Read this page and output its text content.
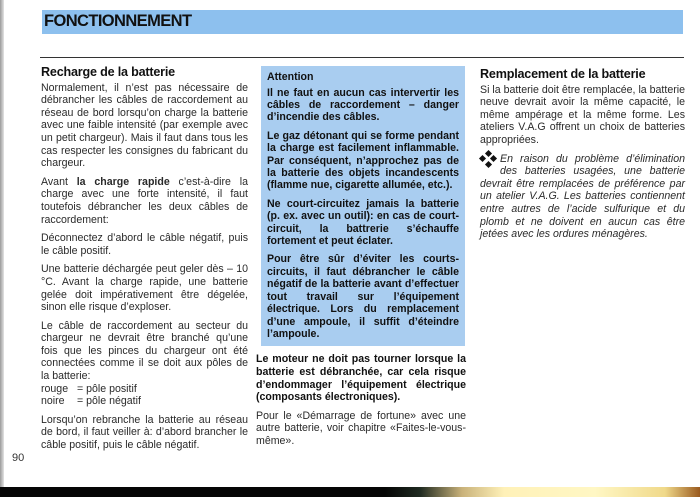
FONCTIONNEMENT
Recharge de la batterie

Normalement, il n’est pas nécessaire de débrancher les câbles de raccordement au réseau de bord lorsqu’on charge la batterie avec une faible intensité (par exemple avec un petit chargeur). Mais il faut dans tous les cas respecter les consignes du fabricant du chargeur.

Avant la charge rapide c’est-à-dire la charge avec une forte intensité, il faut toutefois débrancher les deux câbles de raccordement:

Déconnectez d’abord le câble négatif, puis le câble positif.

Une batterie déchargée peut geler dès – 10 °C. Avant la charge rapide, une batterie gelée doit impérativement être dégelée, sinon elle risque d’exploser.

Le câble de raccordement au secteur du chargeur ne devrait être branché qu’une fois que les pinces du chargeur ont été connectées comme il se doit aux pôles de la batterie:
rouge = pôle positif
noire = pôle négatif

Lorsqu’on rebranche la batterie au réseau de bord, il faut veiller à: d’abord brancher le câble positif, puis le câble négatif.

Attention

Il ne faut en aucun cas intervertir les câbles de raccordement – danger d’incendie des câbles.

Le gaz détonant qui se forme pendant la charge est facilement inflammable. Par conséquent, n’approchez pas de la batterie des objets incandescents (flamme nue, cigarette allumée, etc.).

Ne court-circuitez jamais la batterie (p. ex. avec un outil): en cas de court-circuit, la battrerie s’échauffe fortement et peut éclater.

Pour être sûr d’éviter les courts-circuits, il faut débrancher le câble négatif de la batterie avant d’effectuer tout travail sur l’équipement électrique. Lors du remplacement d’une ampoule, il suffit d’éteindre l’ampoule.

Le moteur ne doit pas tourner lorsque la batterie est débranchée, car cela risque d’endommager l’équipement électrique (composants électroniques).

Pour le «Démarrage de fortune» avec une autre batterie, voir chapitre «Faites-le-vous-même».

Remplacement de la batterie

Si la batterie doit être remplacée, la batterie neuve devrait avoir la même capacité, le même ampérage et la même forme. Les ateliers V.A.G offrent un choix de batteries appropriées.

En raison du problème d’élimination des batteries usagées, une batterie devrait être remplacées de préférence par un atelier V.A.G. Les batteries contiennent entre autres de l’acide sulfurique et du plomb et ne doivent en aucun cas être jetées avec les ordures ménagères.

90
